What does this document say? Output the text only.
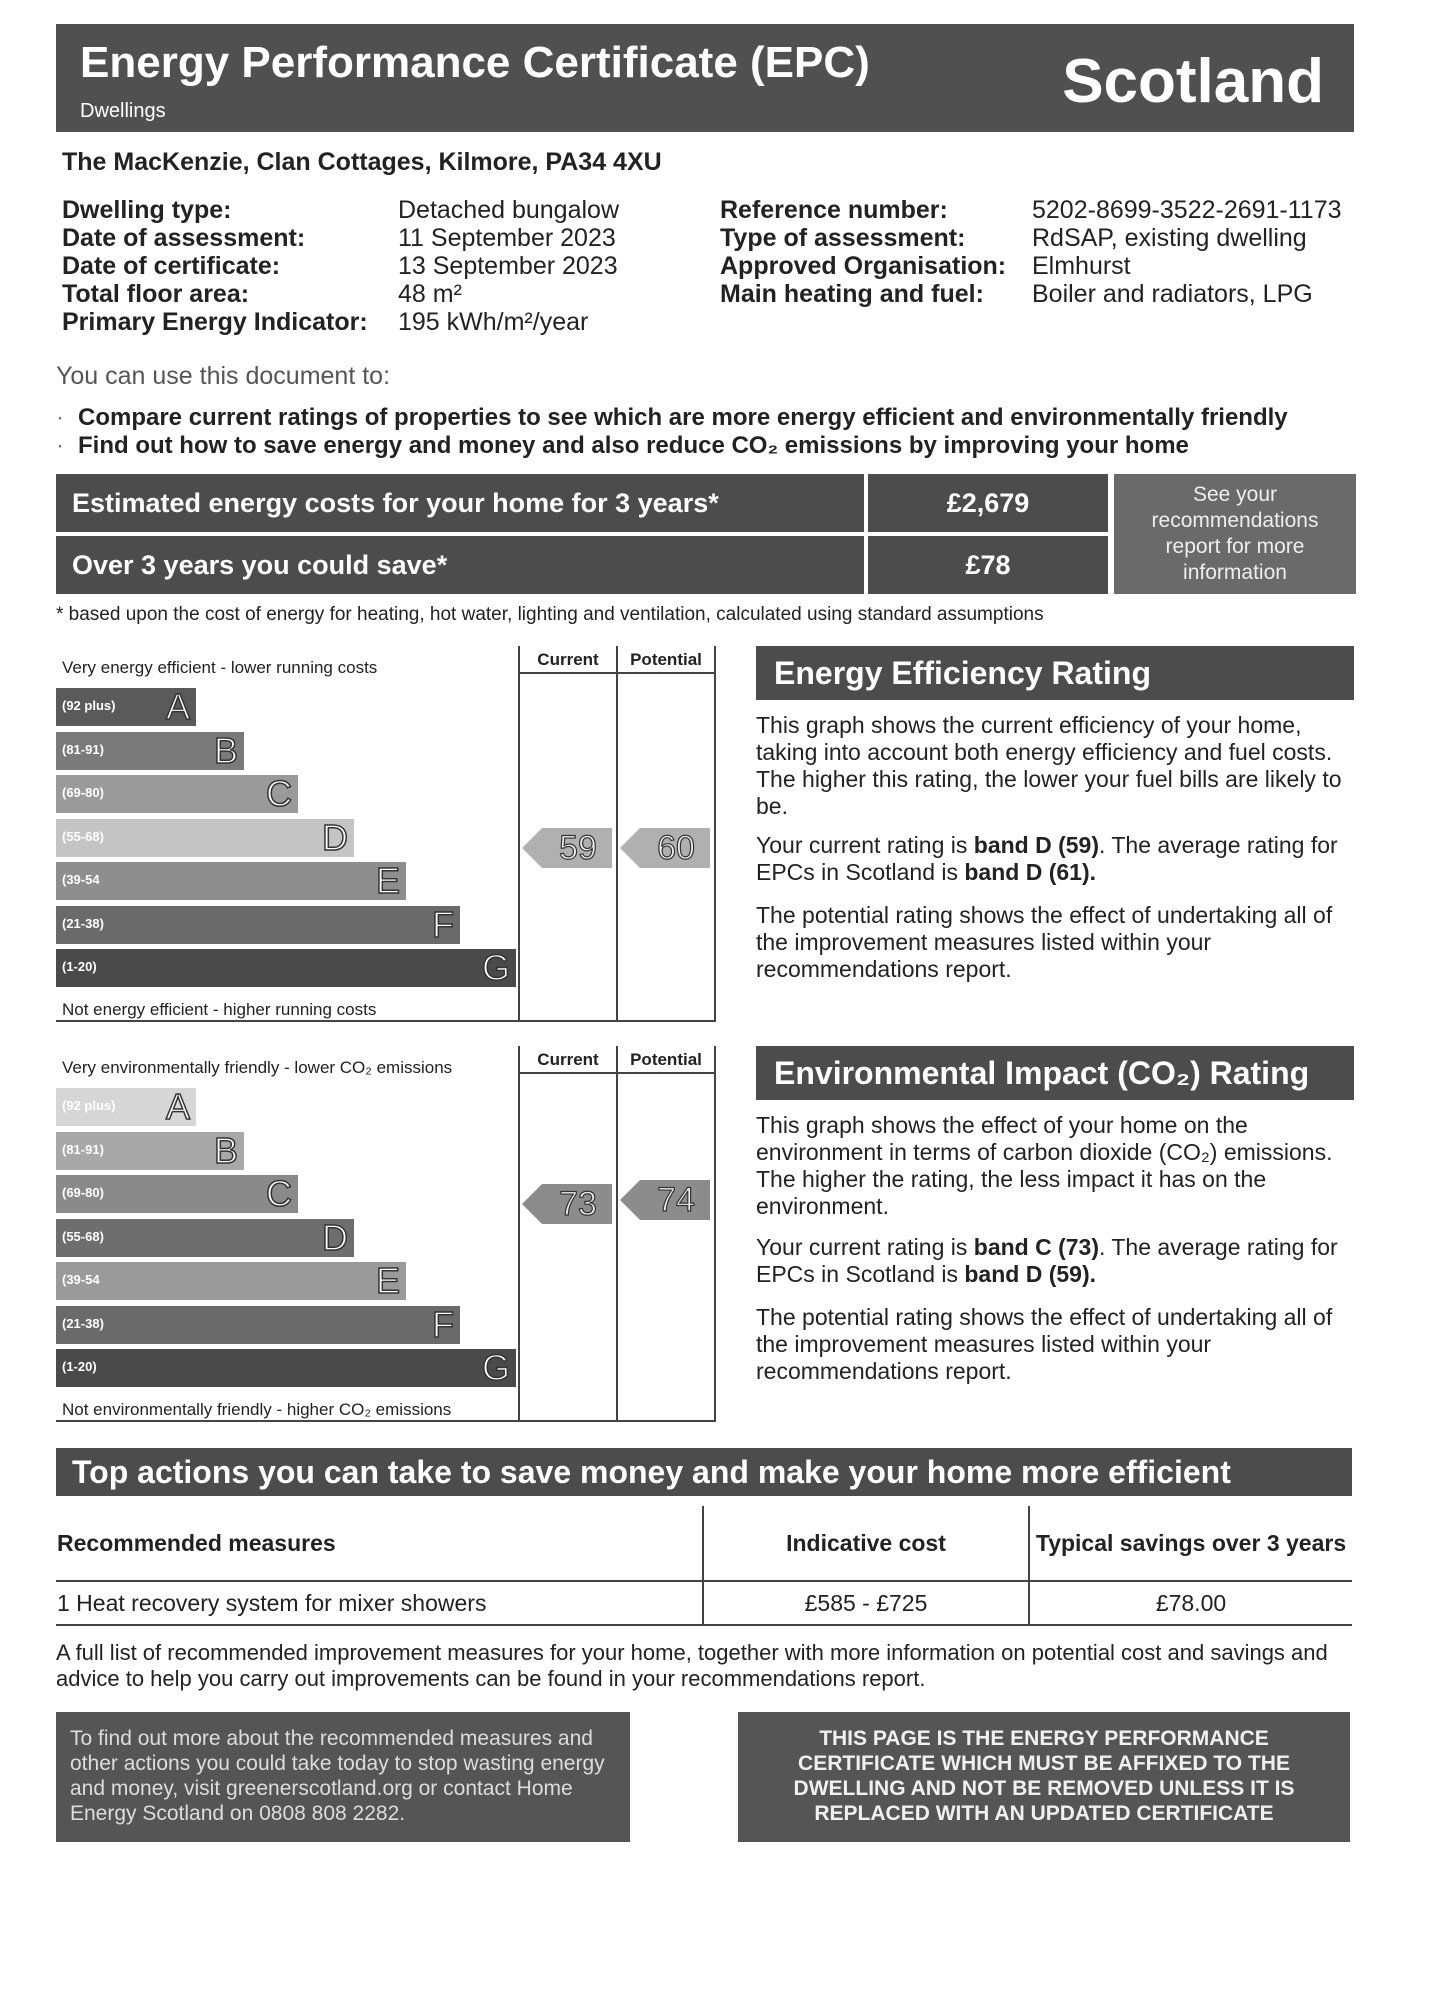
Energy Performance Certificate (EPC)
Dwellings	Scotland
The MacKenzie, Clan Cottages, Kilmore, PA34 4XU
Dwelling type:	Detached bungalow
Date of assessment:	11 September 2023
Date of certificate:	13 September 2023
Total floor area:	48 m²
Primary Energy Indicator: 195 kWh/m²/year
Reference number:	5202-8699-3522-2691-1173
Type of assessment:	RdSAP, existing dwelling
Approved Organisation: Elmhurst
Main heating and fuel: Boiler and radiators, LPG
You can use this document to:
· Compare current ratings of properties to see which are more energy efficient and environmentally friendly
· Find out how to save energy and money and also reduce CO₂ emissions by improving your home
Estimated energy costs for your home for 3 years*	£2,679
Over 3 years you could save*	£78
See your recommendations report for more information
* based upon the cost of energy for heating, hot water, lighting and ventilation, calculated using standard assumptions
Very energy efficient - lower running costs
Not energy efficient - higher running costs
Current	Potential
(92 plus) A
(81-91)	B
(69-80)	C
(55-68)	D
(39-54	E
(21-38)	F
(1-20)	G
59	60
Energy Efficiency Rating
This graph shows the current efficiency of your home, taking into account both energy efficiency and fuel costs. The higher this rating, the lower your fuel bills are likely to be.
Your current rating is band D (59). The average rating for EPCs in Scotland is band D (61).
The potential rating shows the effect of undertaking all of the improvement measures listed within your recommendations report.
Very environmentally friendly - lower CO₂ emissions
Not environmentally friendly - higher CO₂ emissions
Current	Potential
(92 plus) A
(81-91)	B
(69-80)	C
(55-68)	D
(39-54	E
(21-38)	F
(1-20)	G
73	74
Environmental Impact (CO₂) Rating
This graph shows the effect of your home on the environment in terms of carbon dioxide (CO₂) emissions. The higher the rating, the less impact it has on the environment.
Your current rating is band C (73). The average rating for EPCs in Scotland is band D (59).
The potential rating shows the effect of undertaking all of the improvement measures listed within your recommendations report.
Top actions you can take to save money and make your home more efficient
Recommended measures	Indicative cost	Typical savings over 3 years
1 Heat recovery system for mixer showers	£585 - £725	£78.00
A full list of recommended improvement measures for your home, together with more information on potential cost and savings and advice to help you carry out improvements can be found in your recommendations report.
To find out more about the recommended measures and other actions you could take today to stop wasting energy and money, visit greenerscotland.org or contact Home Energy Scotland on 0808 808 2282.
THIS PAGE IS THE ENERGY PERFORMANCE CERTIFICATE WHICH MUST BE AFFIXED TO THE DWELLING AND NOT BE REMOVED UNLESS IT IS REPLACED WITH AN UPDATED CERTIFICATE
